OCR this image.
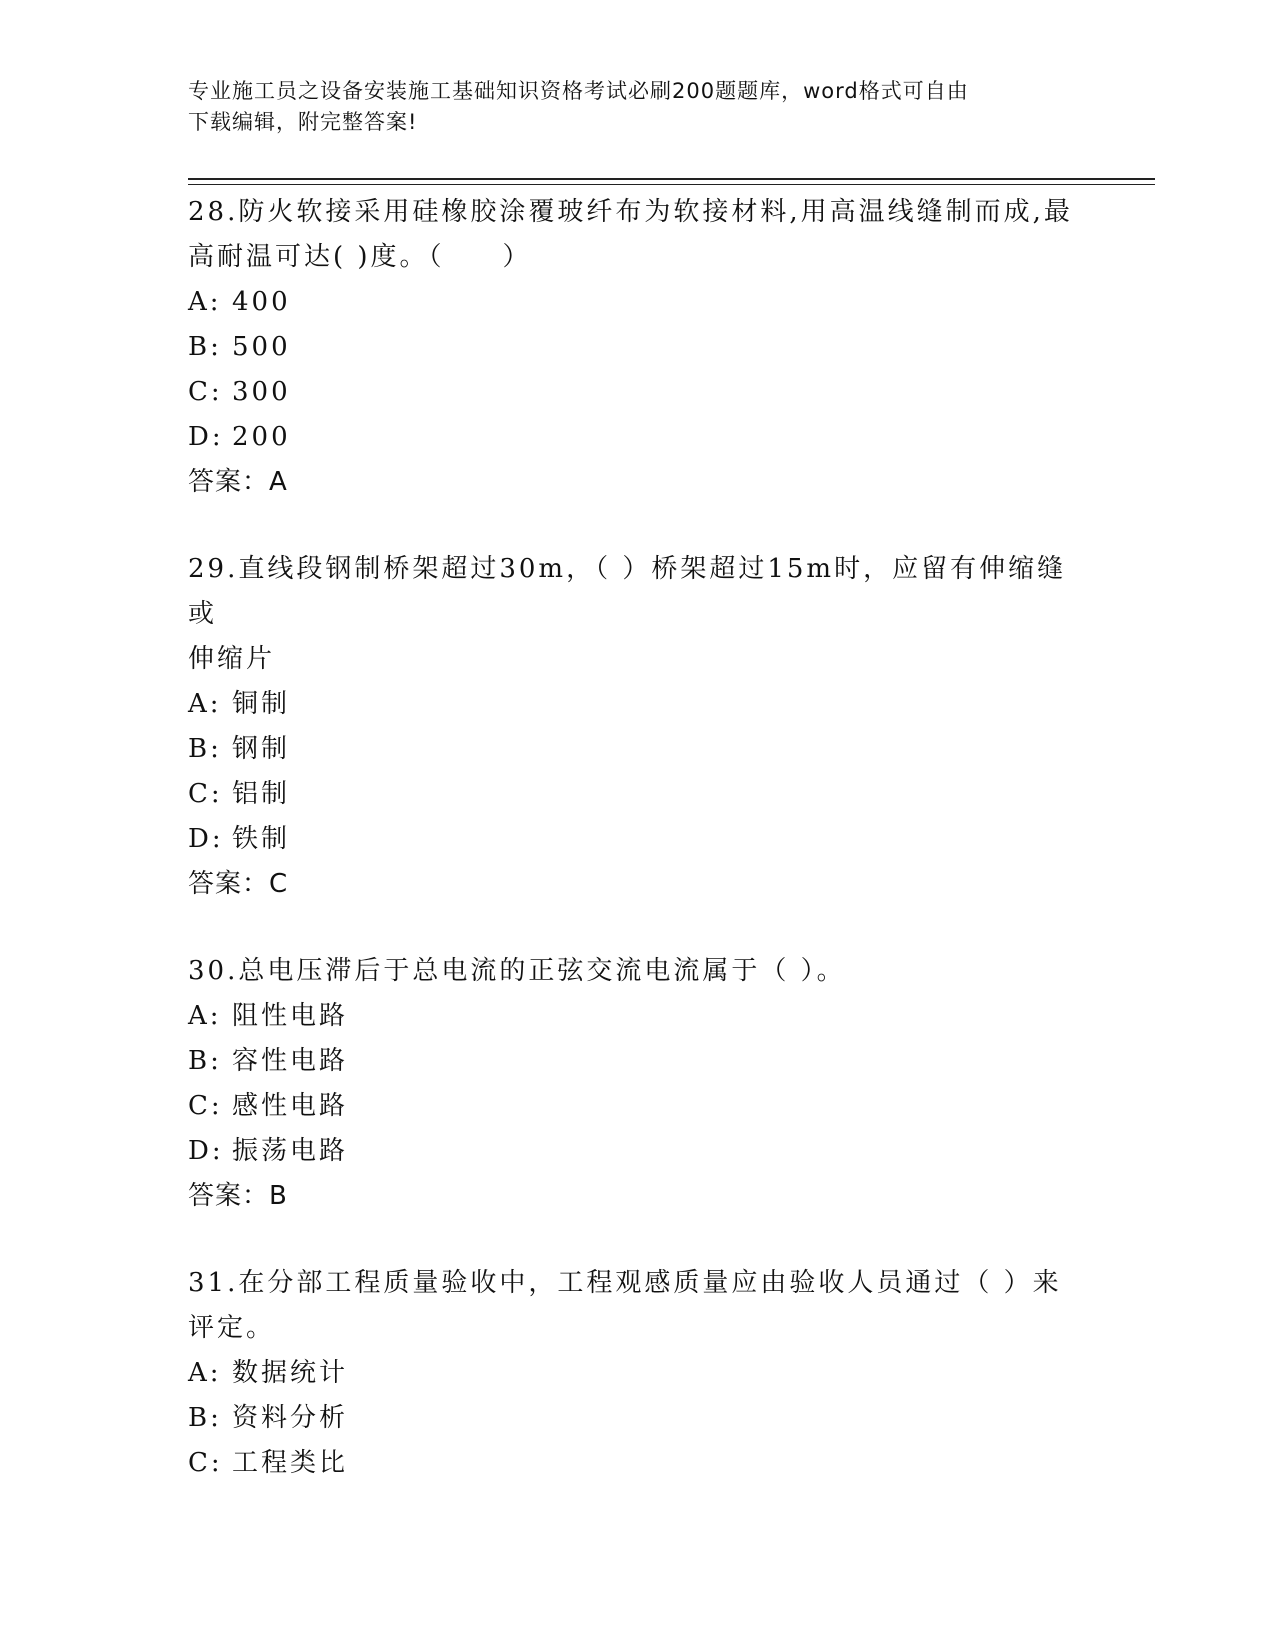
专业施工员之设备安装施工基础知识资格考试必刷200题题库，word格式可自由
下载编辑，附完整答案!
28.防火软接采用硅橡胶涂覆玻纤布为软接材料,用高温线缝制而成,最
高耐温可达( )度。（　　）
A: 400
B: 500
C: 300
D: 200
答案：A
29.直线段钢制桥架超过30m，（ ）桥架超过15m时，应留有伸缩缝或
伸缩片
A: 铜制
B: 钢制
C: 铝制
D: 铁制
答案：C
30.总电压滞后于总电流的正弦交流电流属于（ ）。
A: 阻性电路
B: 容性电路
C: 感性电路
D: 振荡电路
答案：B
31.在分部工程质量验收中，工程观感质量应由验收人员通过（ ）来
评定。
A: 数据统计
B: 资料分析
C: 工程类比
